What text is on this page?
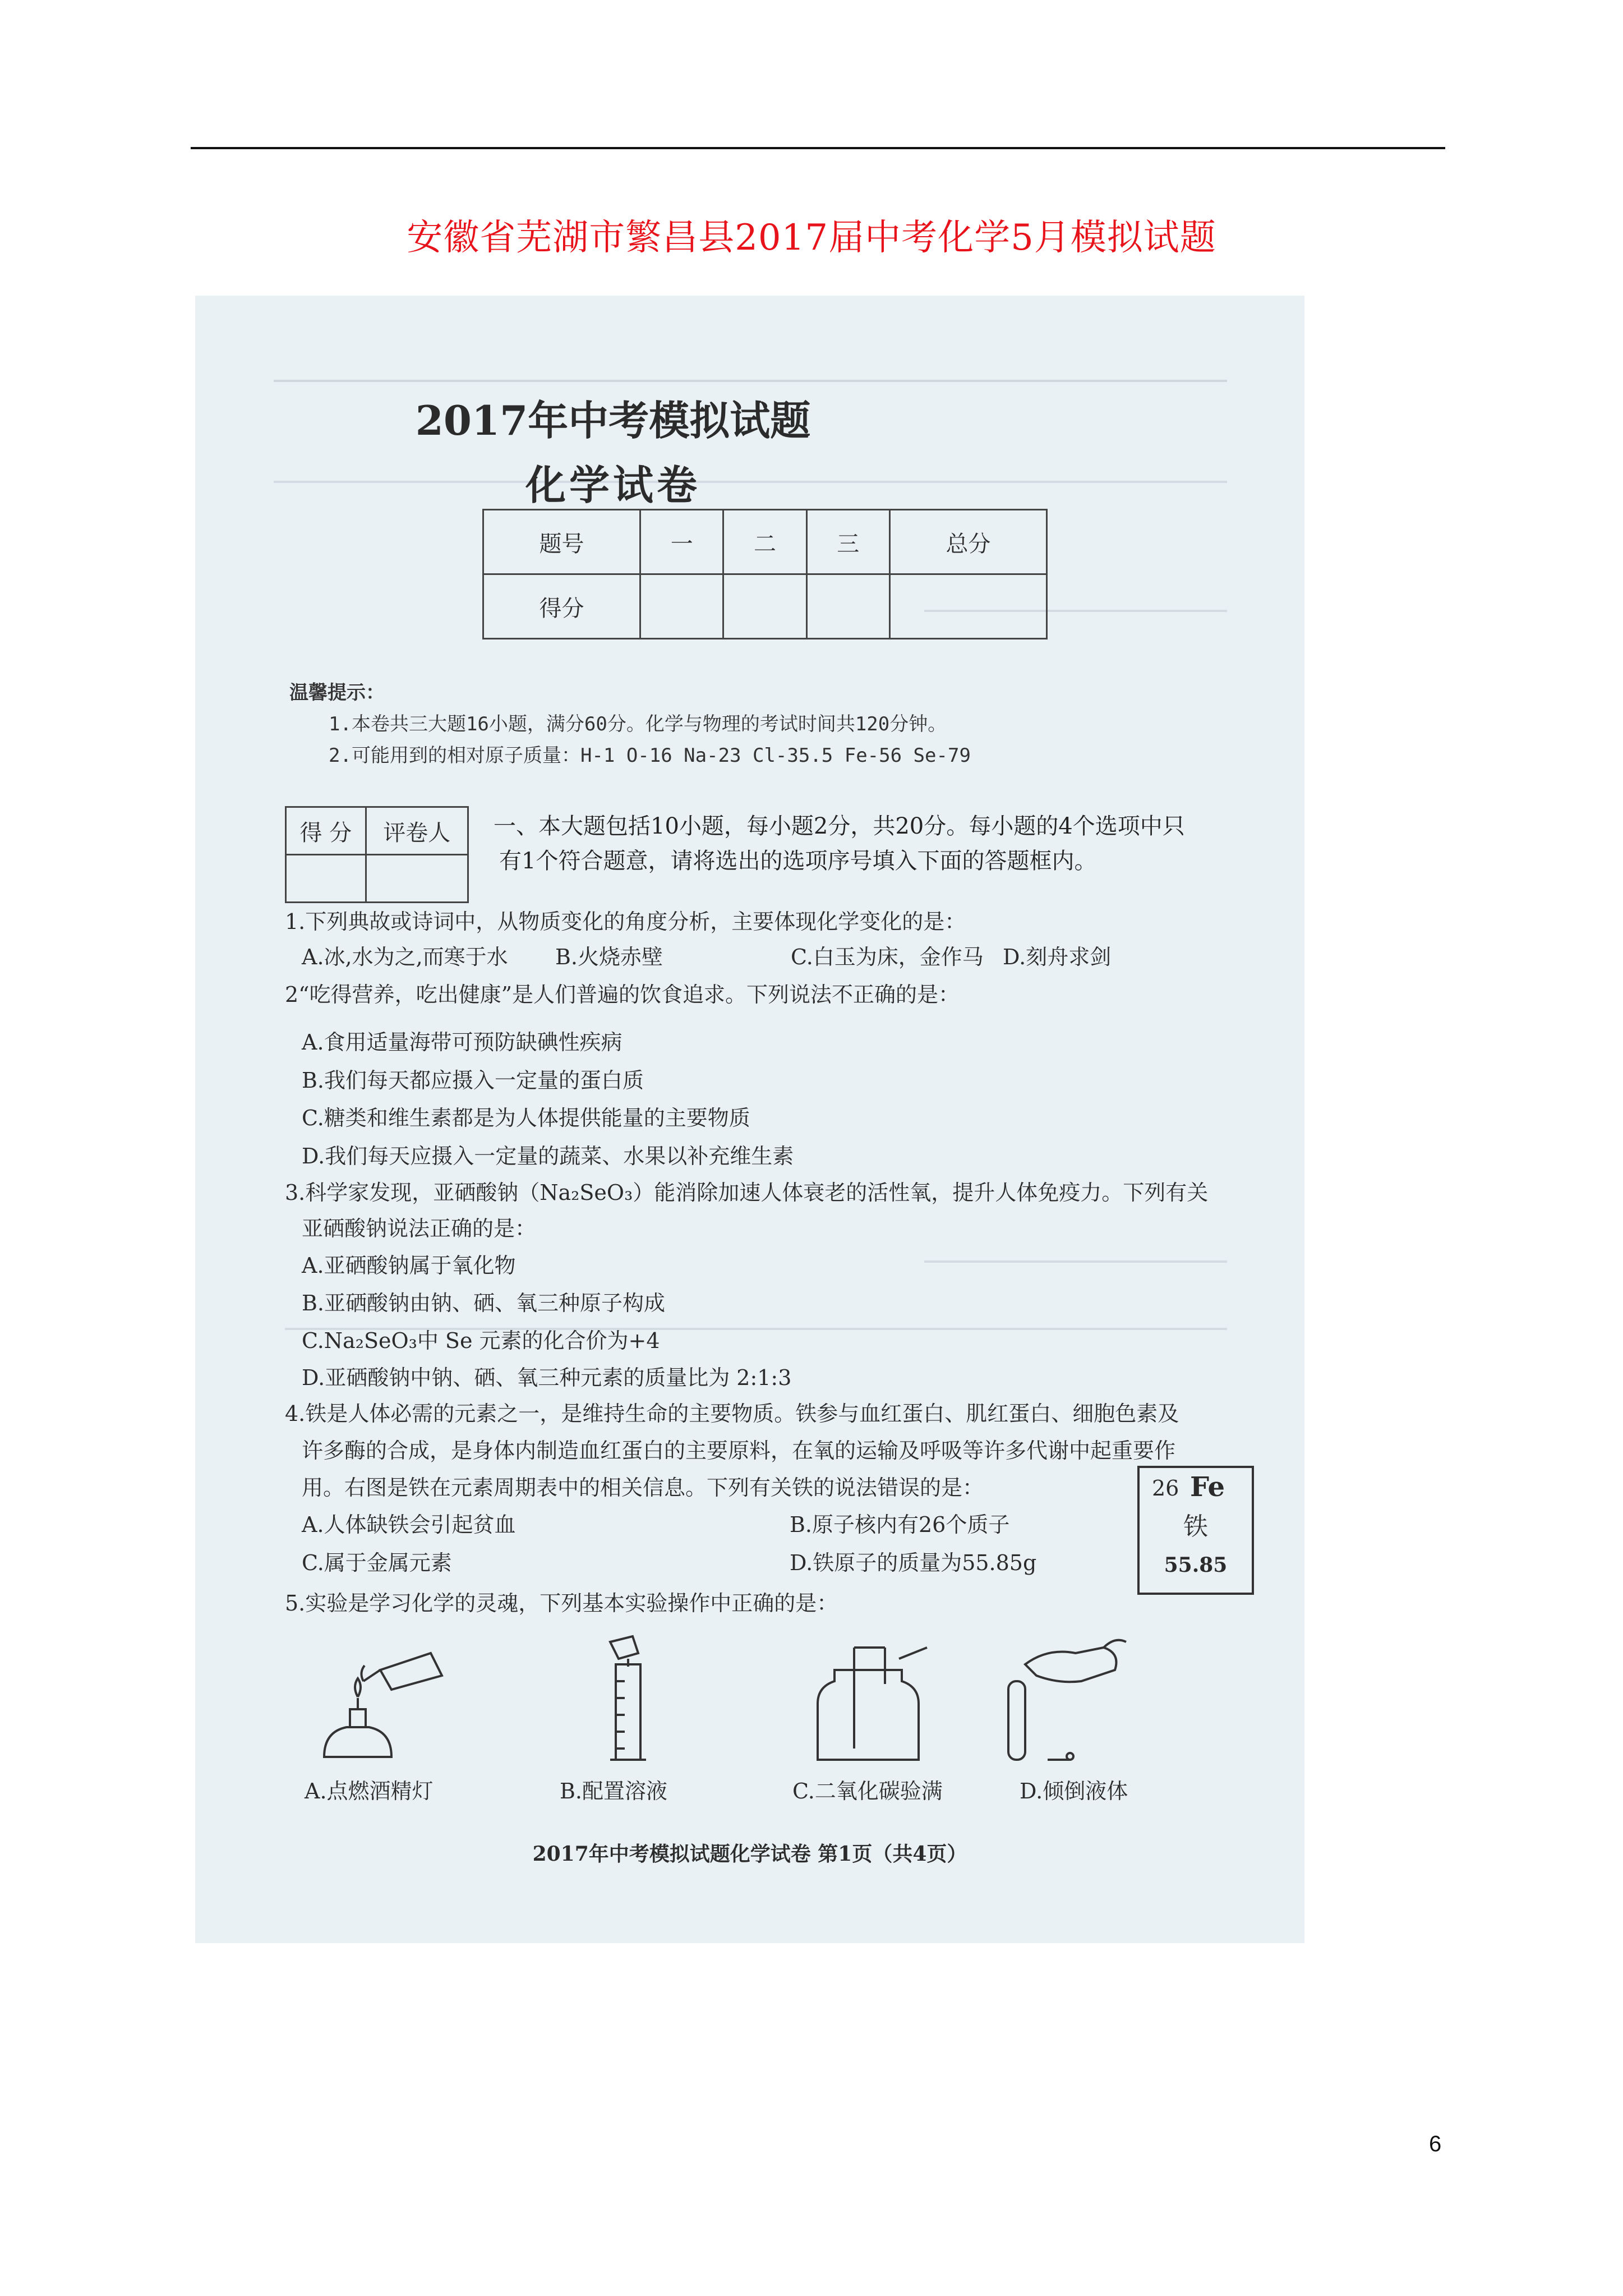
安徽省芜湖市繁昌县2017届中考化学5月模拟试题
2017年中考模拟试题
化学试卷
题号	一	二	三	总分
得分				
温馨提示：
1.本卷共三大题16小题，满分60分。化学与物理的考试时间共120分钟。
2.可能用到的相对原子质量：H-1 O-16 Na-23 Cl-35.5 Fe-56 Se-79
得 分	评卷人
	一、本大题包括10小题，每小题2分，共20分。每小题的4个选项中只
有1个符合题意，请将选出的选项序号填入下面的答题框内。
1.下列典故或诗词中，从物质变化的角度分析，主要体现化学变化的是：
A.冰,水为之,而寒于水 B.火烧赤壁	C.白玉为床，金作马 D.刻舟求剑
2“吃得营养，吃出健康”是人们普遍的饮食追求。下列说法不正确的是：
A.食用适量海带可预防缺碘性疾病
B.我们每天都应摄入一定量的蛋白质
C.糖类和维生素都是为人体提供能量的主要物质
D.我们每天应摄入一定量的蔬菜、水果以补充维生素
3.科学家发现，亚硒酸钠（Na₂SeO₃）能消除加速人体衰老的活性氧，提升人体免疫力。下列有关
亚硒酸钠说法正确的是：
A.亚硒酸钠属于氧化物
B.亚硒酸钠由钠、硒、氧三种原子构成
C.Na₂SeO₃中 Se 元素的化合价为+4
D.亚硒酸钠中钠、硒、氧三种元素的质量比为 2:1:3
4.铁是人体必需的元素之一，是维持生命的主要物质。铁参与血红蛋白、肌红蛋白、细胞色素及
许多酶的合成，是身体内制造血红蛋白的主要原料，在氧的运输及呼吸等许多代谢中起重要作
用。右图是铁在元素周期表中的相关信息。下列有关铁的说法错误的是：
A.人体缺铁会引起贫血	B.原子核内有26个质子
C.属于金属元素	D.铁原子的质量为55.85g
26 Fe
铁
55.85
5.实验是学习化学的灵魂，下列基本实验操作中正确的是：
A.点燃酒精灯	B.配置溶液	C.二氧化碳验满	D.倾倒液体
2017年中考模拟试题化学试卷 第1页（共4页）
6
